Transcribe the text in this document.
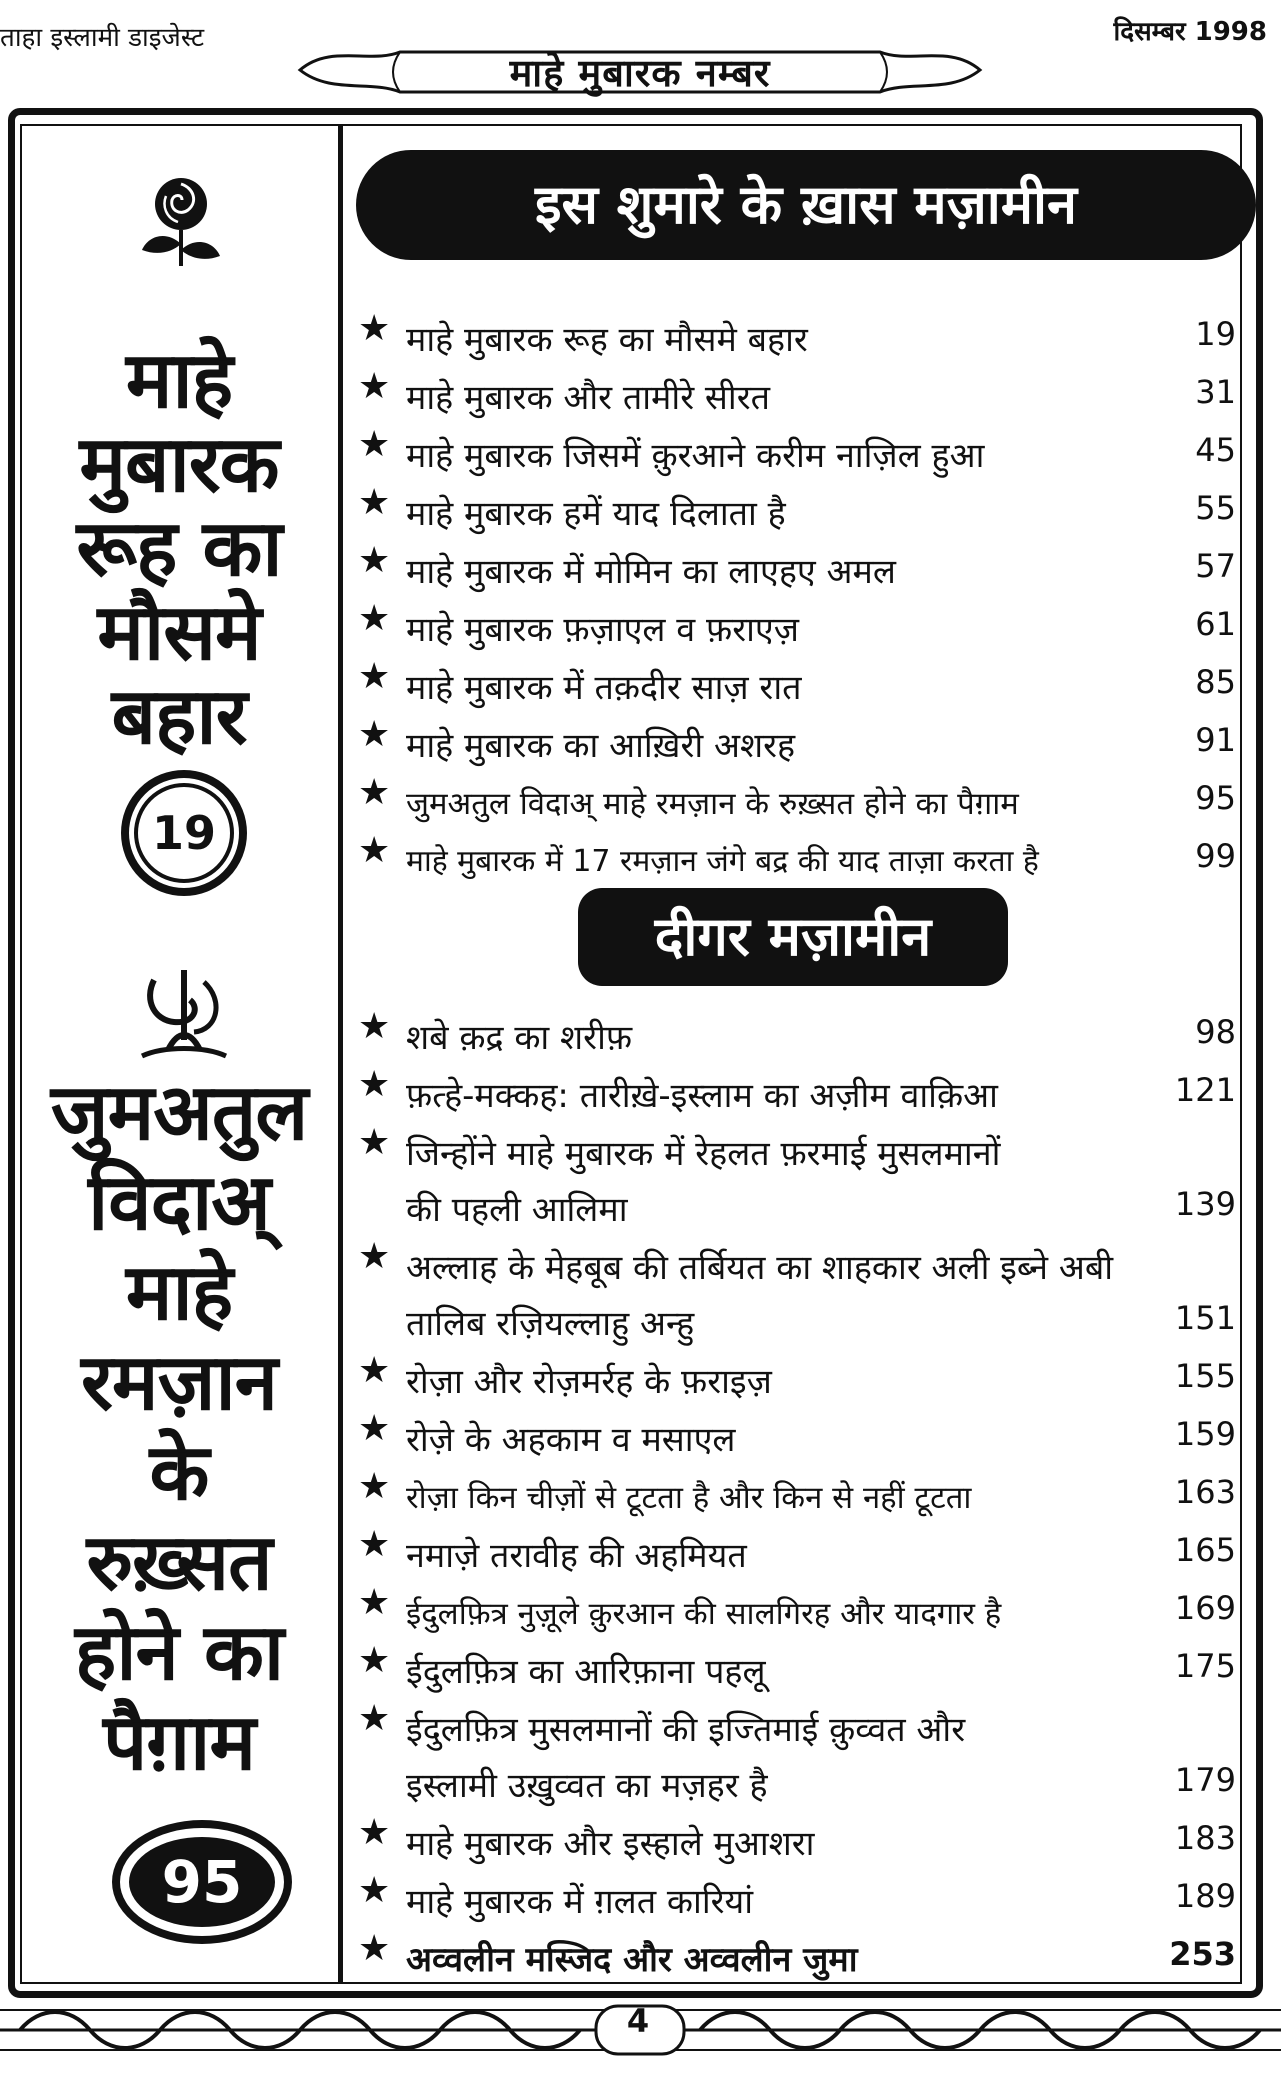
ताहा इस्लामी डाइजेस्ट	दिसम्बर 1998
माहे मुबारक नम्बर
माहे
मुबारक
रूह का
मौसमे
बहार
19
जुमअतुल
विदाअ्
माहे
रमज़ान
के
रुख़्सत
होने का
पैग़ाम
95
इस शुमारे के ख़ास मज़ामीन
★ माहे मुबारक रूह का मौसमे बहार	19
★ माहे मुबारक और तामीरे सीरत	31
★ माहे मुबारक जिसमें क़ुरआने करीम नाज़िल हुआ	45
★ माहे मुबारक हमें याद दिलाता है	55
★ माहे मुबारक में मोमिन का लाएहए अमल	57
★ माहे मुबारक फ़ज़ाएल व फ़राएज़	61
★ माहे मुबारक में तक़दीर साज़ रात	85
★ माहे मुबारक का आख़िरी अशरह	91
★ जुमअतुल विदाअ् माहे रमज़ान के रुख़्सत होने का पैग़ाम	95
★ माहे मुबारक में 17 रमज़ान जंगे बद्र की याद ताज़ा करता है	99
दीगर मज़ामीन
★ शबे क़द्र का शरीफ़	98
★ फ़त्हे-मक्कह: तारीख़े-इस्लाम का अज़ीम वाक़िआ	121
★ जिन्होंने माहे मुबारक में रेहलत फ़रमाई मुसलमानों की पहली आलिमा	139
★ अल्लाह के मेहबूब की तर्बियत का शाहकार अली इब्ने अबी तालिब रज़ियल्लाहु अन्हु	151
★ रोज़ा और रोज़मर्रह के फ़राइज़	155
★ रोज़े के अहकाम व मसाएल	159
★ रोज़ा किन चीज़ों से टूटता है और किन से नहीं टूटता	163
★ नमाज़े तरावीह की अहमियत	165
★ ईदुलफ़ित्र नुज़ूले क़ुरआन की सालगिरह और यादगार है	169
★ ईदुलफ़ित्र का आरिफ़ाना पहलू	175
★ ईदुलफ़ित्र मुसलमानों की इज्तिमाई क़ुव्वत और इस्लामी उख़ुव्वत का मज़हर है	179
★ माहे मुबारक और इस्हाले मुआशरा	183
★ माहे मुबारक में ग़लत कारियां	189
★ अव्वलीन मस्जिद और अव्वलीन जुमा	253
4
